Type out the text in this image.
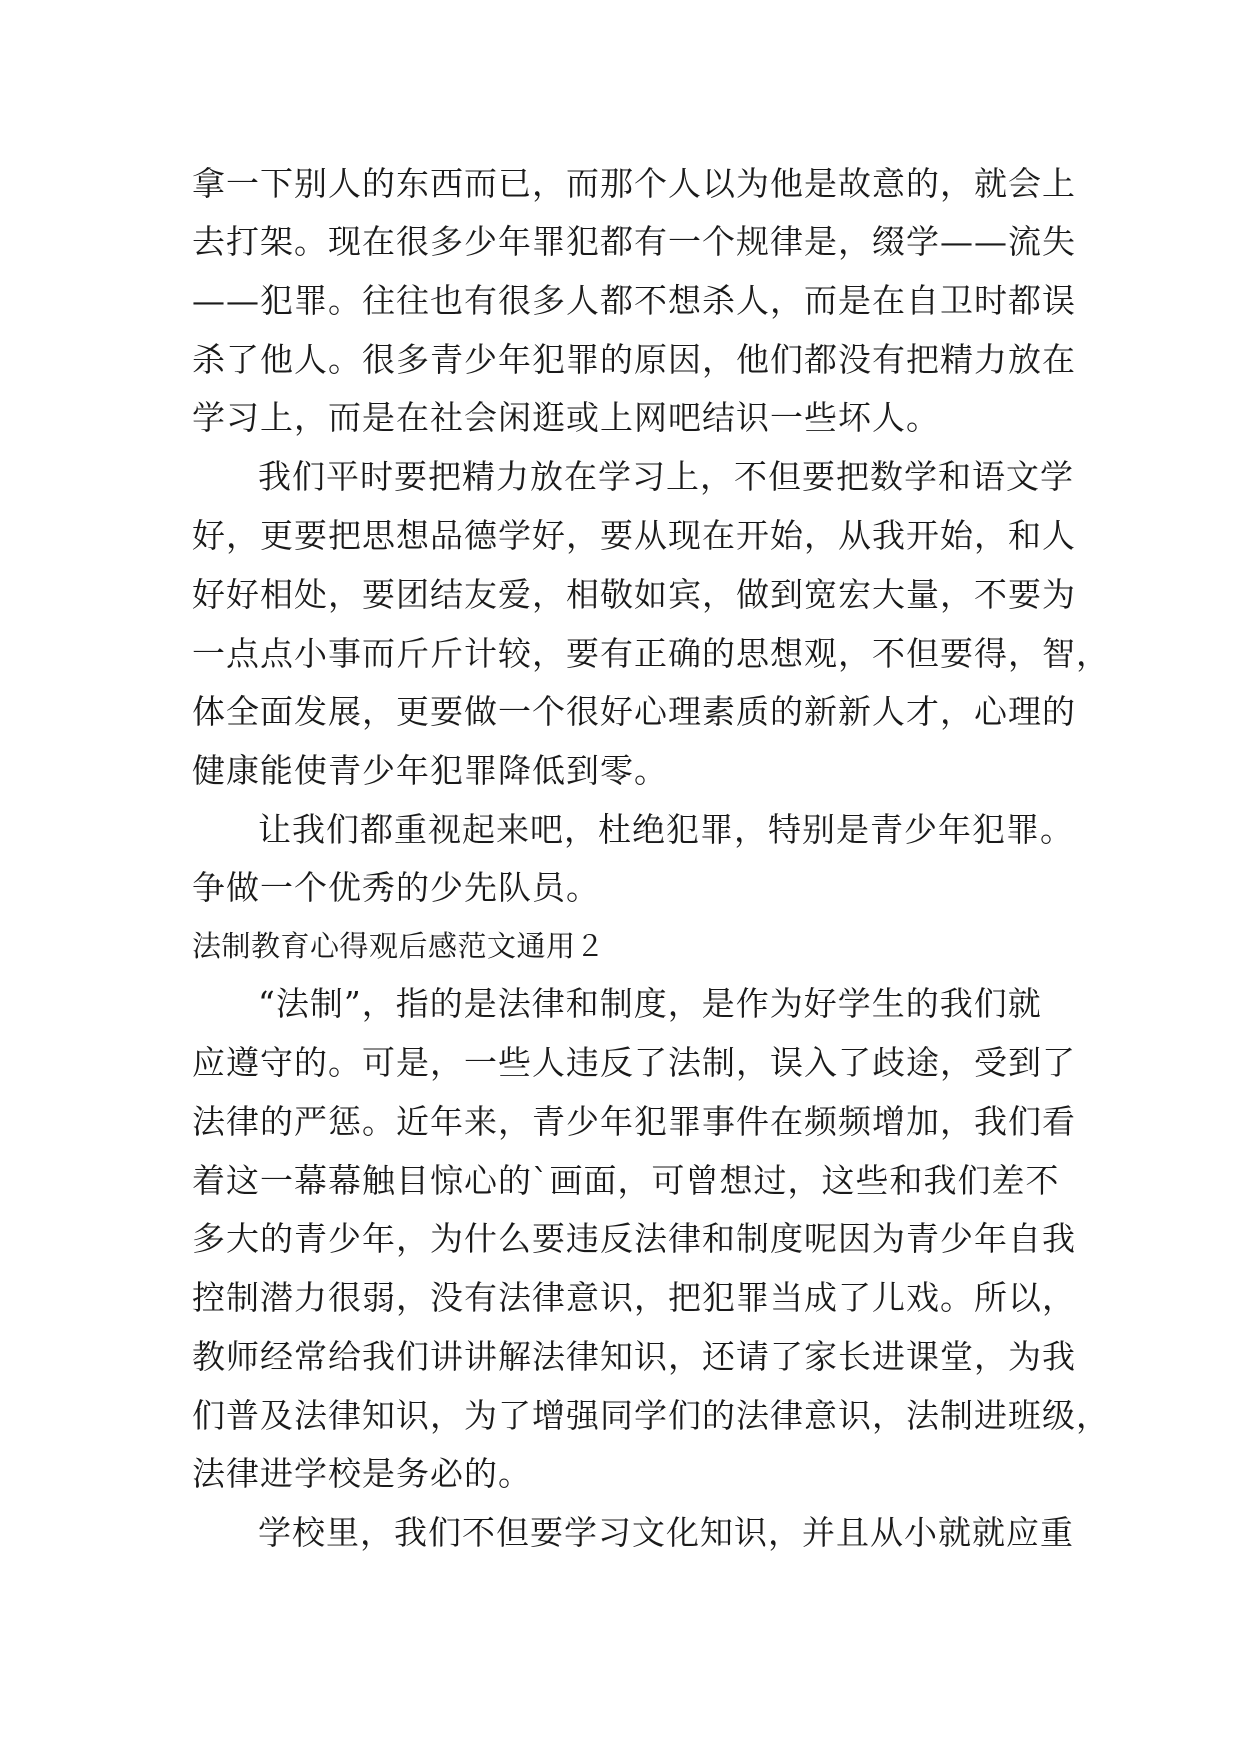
拿一下别人的东西而已，而那个人以为他是故意的，就会上
去打架。现在很多少年罪犯都有一个规律是，缀学——流失
——犯罪。往往也有很多人都不想杀人，而是在自卫时都误
杀了他人。很多青少年犯罪的原因，他们都没有把精力放在
学习上，而是在社会闲逛或上网吧结识一些坏人。
我们平时要把精力放在学习上，不但要把数学和语文学
好，更要把思想品德学好，要从现在开始，从我开始，和人
好好相处，要团结友爱，相敬如宾，做到宽宏大量，不要为
一点点小事而斤斤计较，要有正确的思想观，不但要得，智，
体全面发展，更要做一个很好心理素质的新新人才，心理的
健康能使青少年犯罪降低到零。
让我们都重视起来吧，杜绝犯罪，特别是青少年犯罪。
争做一个优秀的少先队员。
法制教育心得观后感范文通用２
“法制”，指的是法律和制度，是作为好学生的我们就
应遵守的。可是，一些人违反了法制，误入了歧途，受到了
法律的严惩。近年来，青少年犯罪事件在频频增加，我们看
着这一幕幕触目惊心的`画面，可曾想过，这些和我们差不
多大的青少年，为什么要违反法律和制度呢因为青少年自我
控制潜力很弱，没有法律意识，把犯罪当成了儿戏。所以，
教师经常给我们讲讲解法律知识，还请了家长进课堂，为我
们普及法律知识，为了增强同学们的法律意识，法制进班级，
法律进学校是务必的。
学校里，我们不但要学习文化知识，并且从小就就应重
